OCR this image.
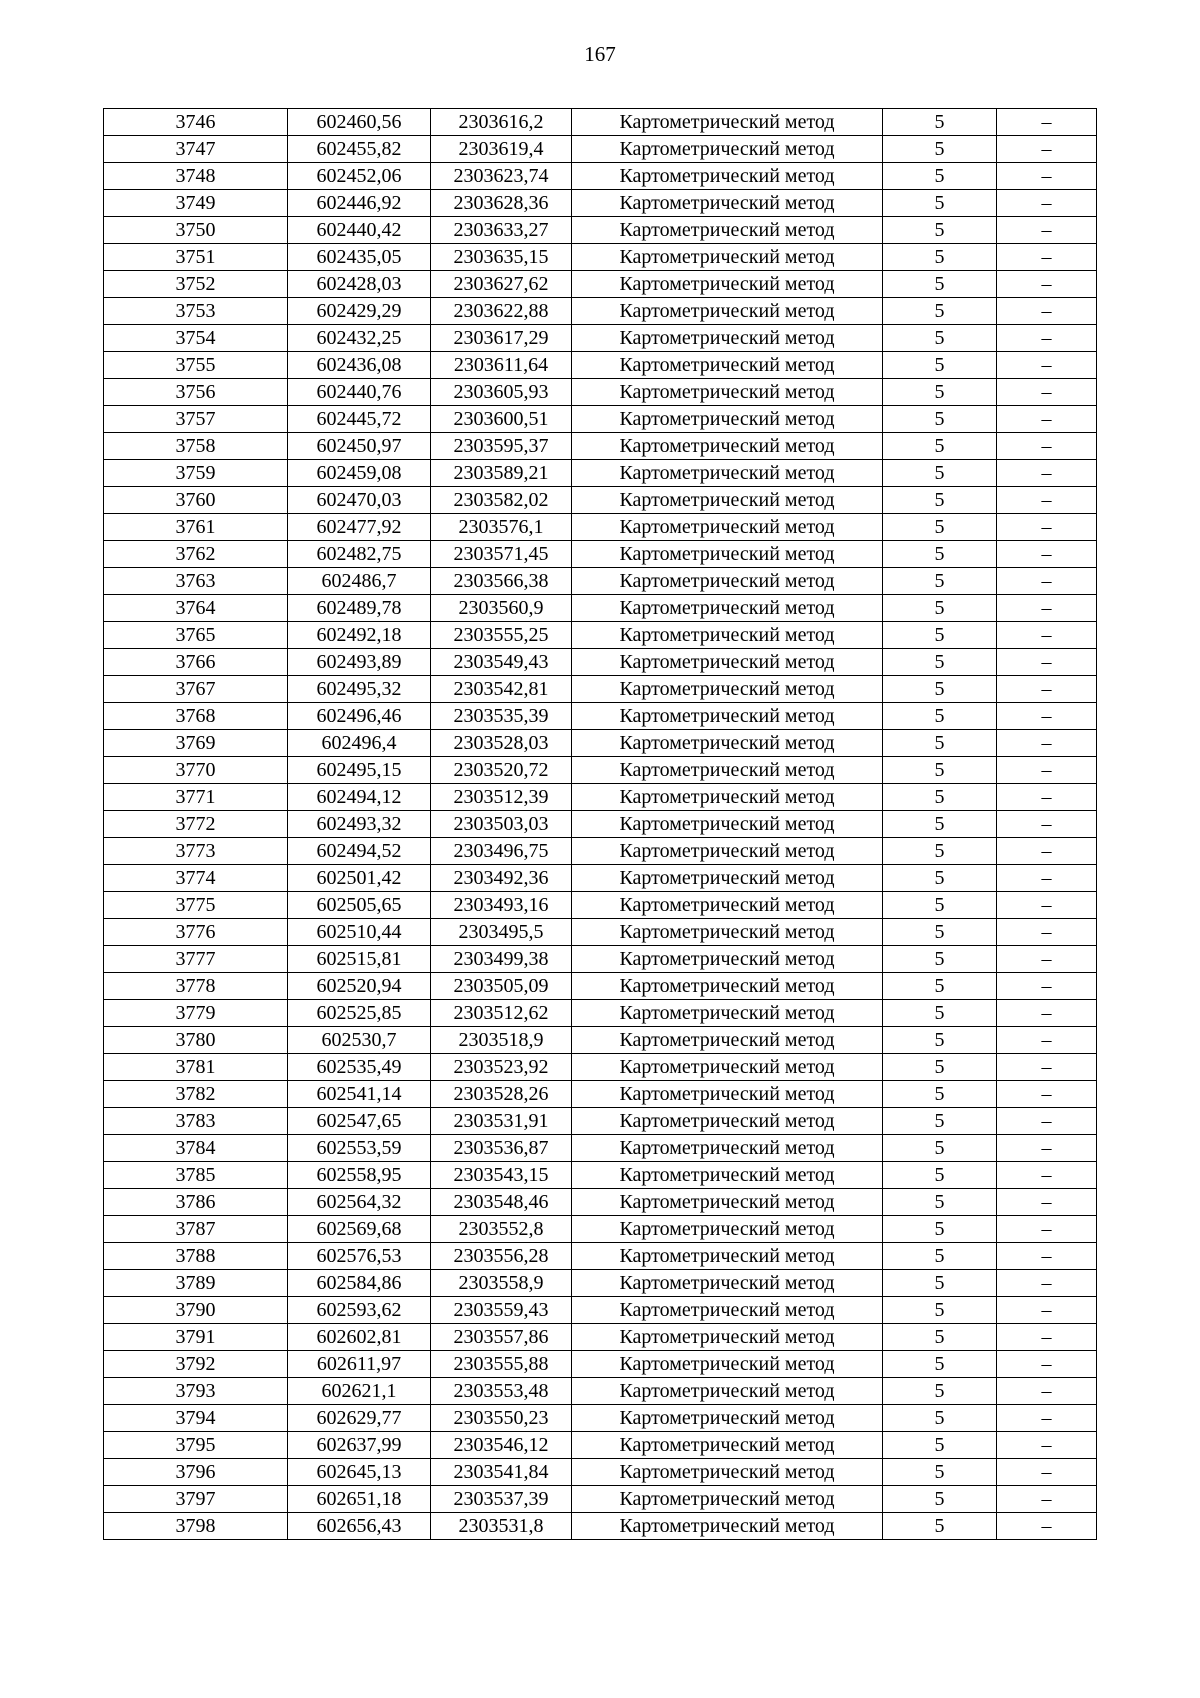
167
3746	602460,56	2303616,2	Картометрический метод	5	–
3747	602455,82	2303619,4	Картометрический метод	5	–
3748	602452,06	2303623,74	Картометрический метод	5	–
3749	602446,92	2303628,36	Картометрический метод	5	–
3750	602440,42	2303633,27	Картометрический метод	5	–
3751	602435,05	2303635,15	Картометрический метод	5	–
3752	602428,03	2303627,62	Картометрический метод	5	–
3753	602429,29	2303622,88	Картометрический метод	5	–
3754	602432,25	2303617,29	Картометрический метод	5	–
3755	602436,08	2303611,64	Картометрический метод	5	–
3756	602440,76	2303605,93	Картометрический метод	5	–
3757	602445,72	2303600,51	Картометрический метод	5	–
3758	602450,97	2303595,37	Картометрический метод	5	–
3759	602459,08	2303589,21	Картометрический метод	5	–
3760	602470,03	2303582,02	Картометрический метод	5	–
3761	602477,92	2303576,1	Картометрический метод	5	–
3762	602482,75	2303571,45	Картометрический метод	5	–
3763	602486,7	2303566,38	Картометрический метод	5	–
3764	602489,78	2303560,9	Картометрический метод	5	–
3765	602492,18	2303555,25	Картометрический метод	5	–
3766	602493,89	2303549,43	Картометрический метод	5	–
3767	602495,32	2303542,81	Картометрический метод	5	–
3768	602496,46	2303535,39	Картометрический метод	5	–
3769	602496,4	2303528,03	Картометрический метод	5	–
3770	602495,15	2303520,72	Картометрический метод	5	–
3771	602494,12	2303512,39	Картометрический метод	5	–
3772	602493,32	2303503,03	Картометрический метод	5	–
3773	602494,52	2303496,75	Картометрический метод	5	–
3774	602501,42	2303492,36	Картометрический метод	5	–
3775	602505,65	2303493,16	Картометрический метод	5	–
3776	602510,44	2303495,5	Картометрический метод	5	–
3777	602515,81	2303499,38	Картометрический метод	5	–
3778	602520,94	2303505,09	Картометрический метод	5	–
3779	602525,85	2303512,62	Картометрический метод	5	–
3780	602530,7	2303518,9	Картометрический метод	5	–
3781	602535,49	2303523,92	Картометрический метод	5	–
3782	602541,14	2303528,26	Картометрический метод	5	–
3783	602547,65	2303531,91	Картометрический метод	5	–
3784	602553,59	2303536,87	Картометрический метод	5	–
3785	602558,95	2303543,15	Картометрический метод	5	–
3786	602564,32	2303548,46	Картометрический метод	5	–
3787	602569,68	2303552,8	Картометрический метод	5	–
3788	602576,53	2303556,28	Картометрический метод	5	–
3789	602584,86	2303558,9	Картометрический метод	5	–
3790	602593,62	2303559,43	Картометрический метод	5	–
3791	602602,81	2303557,86	Картометрический метод	5	–
3792	602611,97	2303555,88	Картометрический метод	5	–
3793	602621,1	2303553,48	Картометрический метод	5	–
3794	602629,77	2303550,23	Картометрический метод	5	–
3795	602637,99	2303546,12	Картометрический метод	5	–
3796	602645,13	2303541,84	Картометрический метод	5	–
3797	602651,18	2303537,39	Картометрический метод	5	–
3798	602656,43	2303531,8	Картометрический метод	5	–
